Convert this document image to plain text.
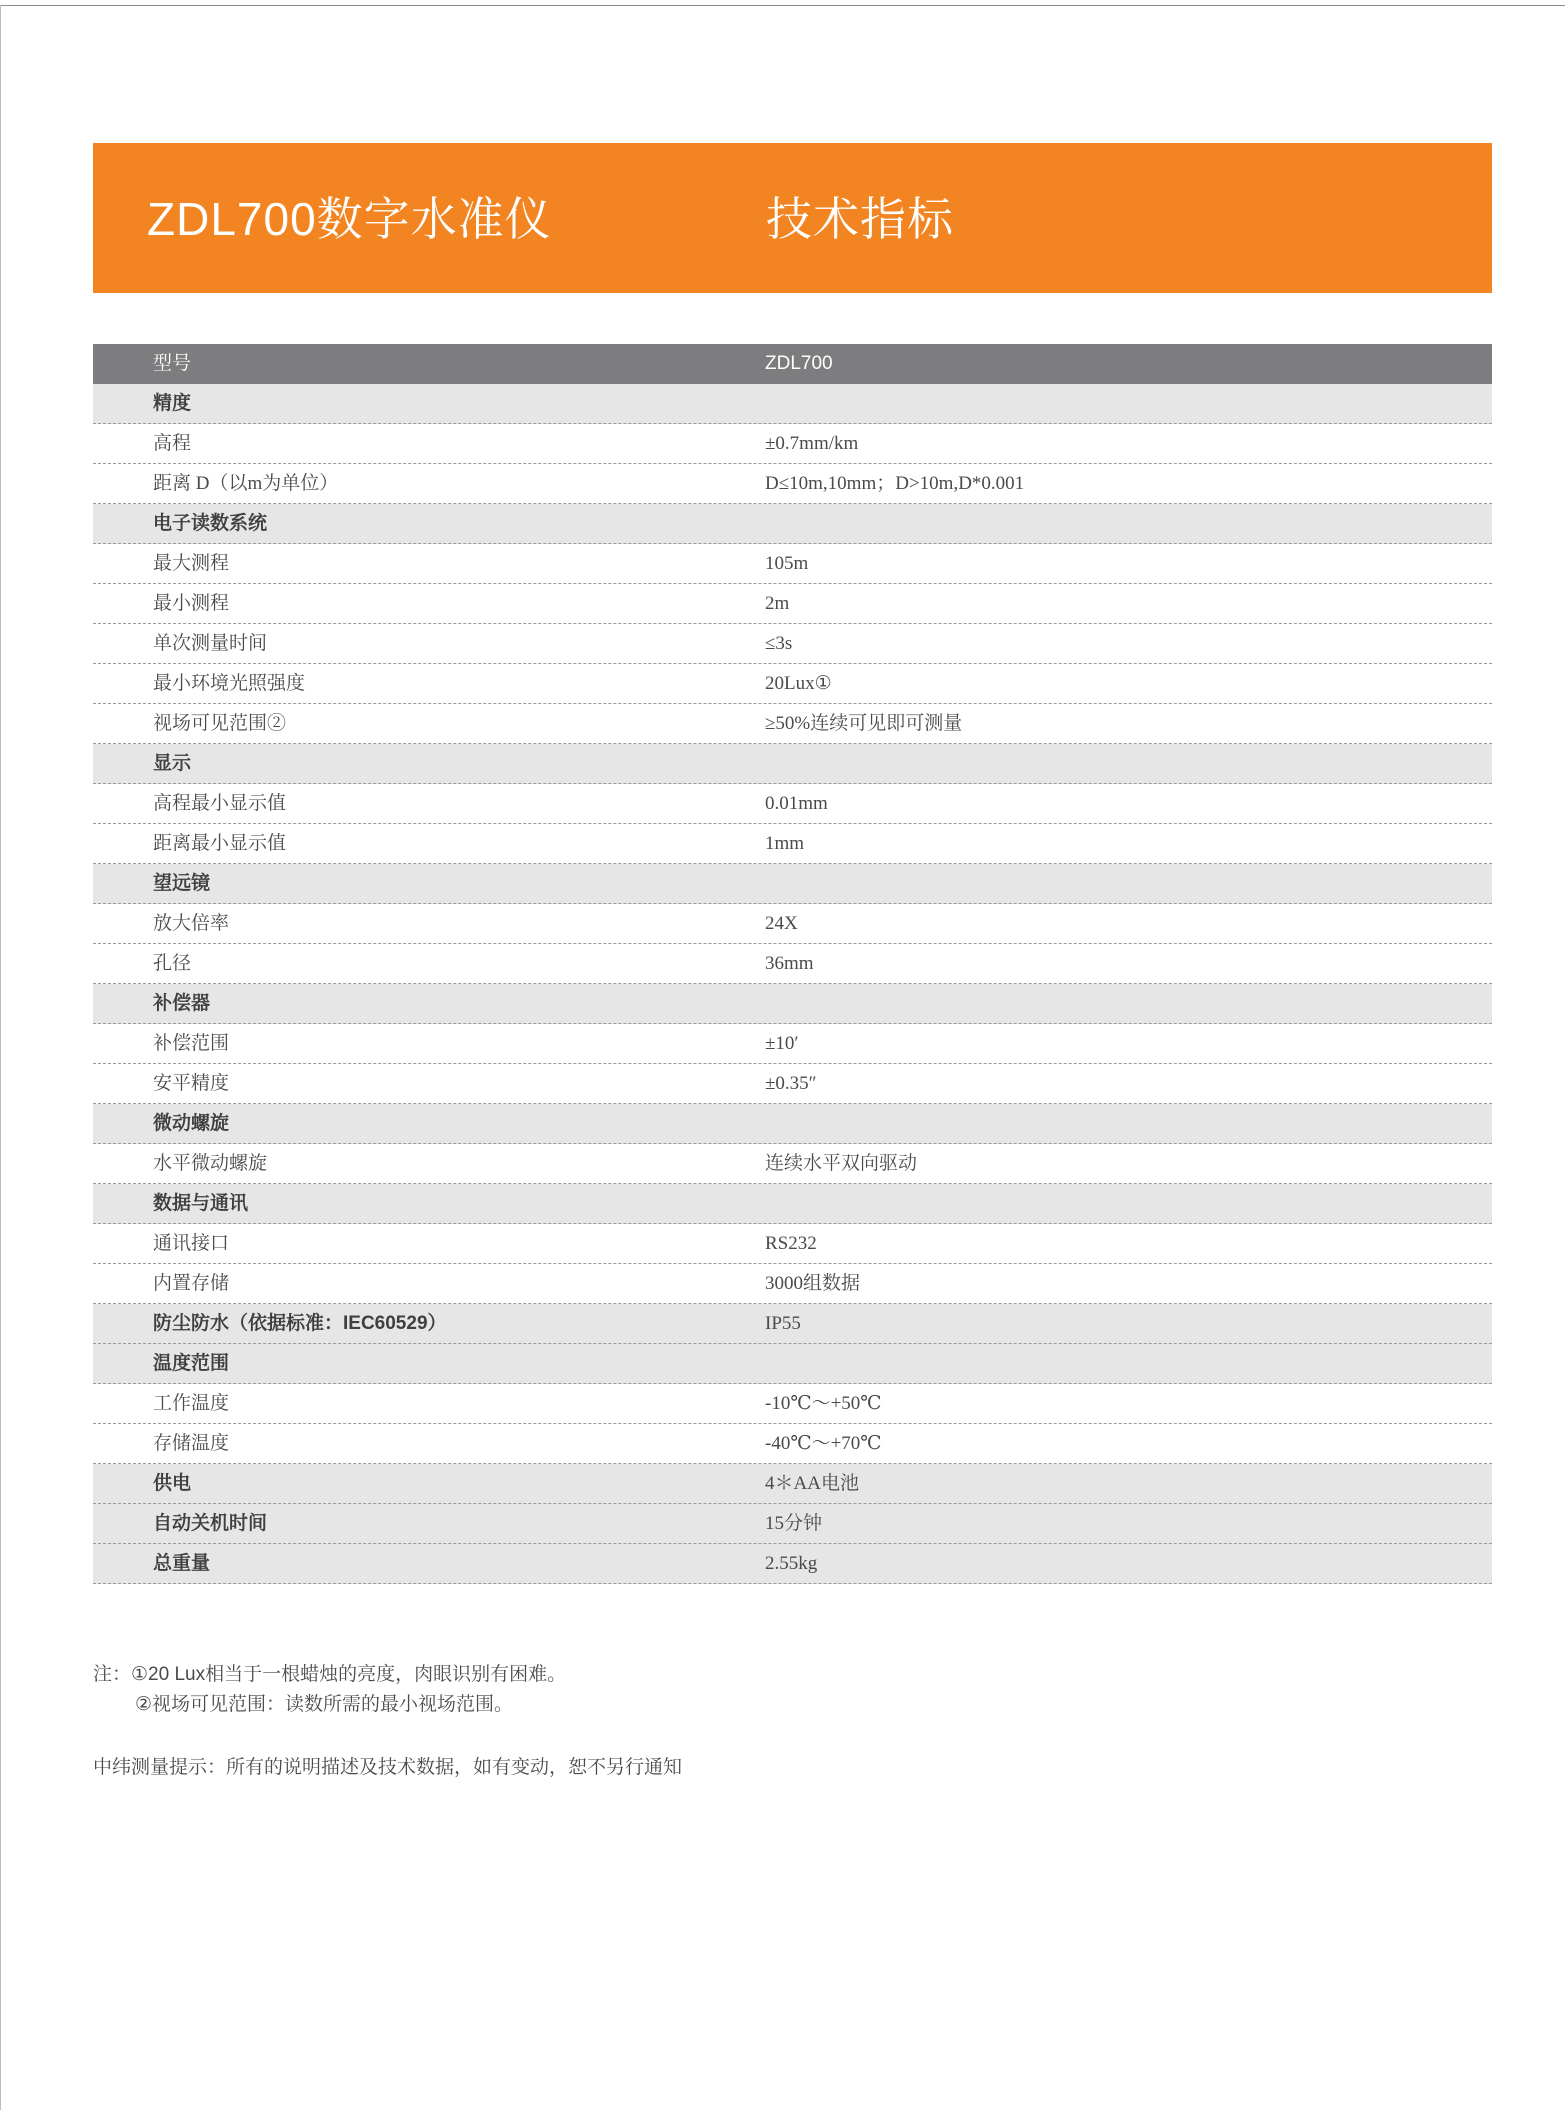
ZDL700数字水准仪	技术指标
型号	ZDL700
精度
高程	±0.7mm/km
距离 D（以m为单位）	D≤10m,10mm；D>10m,D*0.001
电子读数系统
最大测程	105m
最小测程	2m
单次测量时间	≤3s
最小环境光照强度	20Lux①
视场可见范围②	≥50%连续可见即可测量
显示
高程最小显示值	0.01mm
距离最小显示值	1mm
望远镜
放大倍率	24X
孔径	36mm
补偿器
补偿范围	±10′
安平精度	±0.35″
微动螺旋
水平微动螺旋	连续水平双向驱动
数据与通讯
通讯接口	RS232
内置存储	3000组数据
防尘防水（依据标准：IEC60529）	IP55
温度范围
工作温度	-10℃～+50℃
存储温度	-40℃～+70℃
供电	4＊AA电池
自动关机时间	15分钟
总重量	2.55kg
注：①20 Lux相当于一根蜡烛的亮度，肉眼识别有困难。
②视场可见范围：读数所需的最小视场范围。
中纬测量提示：所有的说明描述及技术数据，如有变动，恕不另行通知
